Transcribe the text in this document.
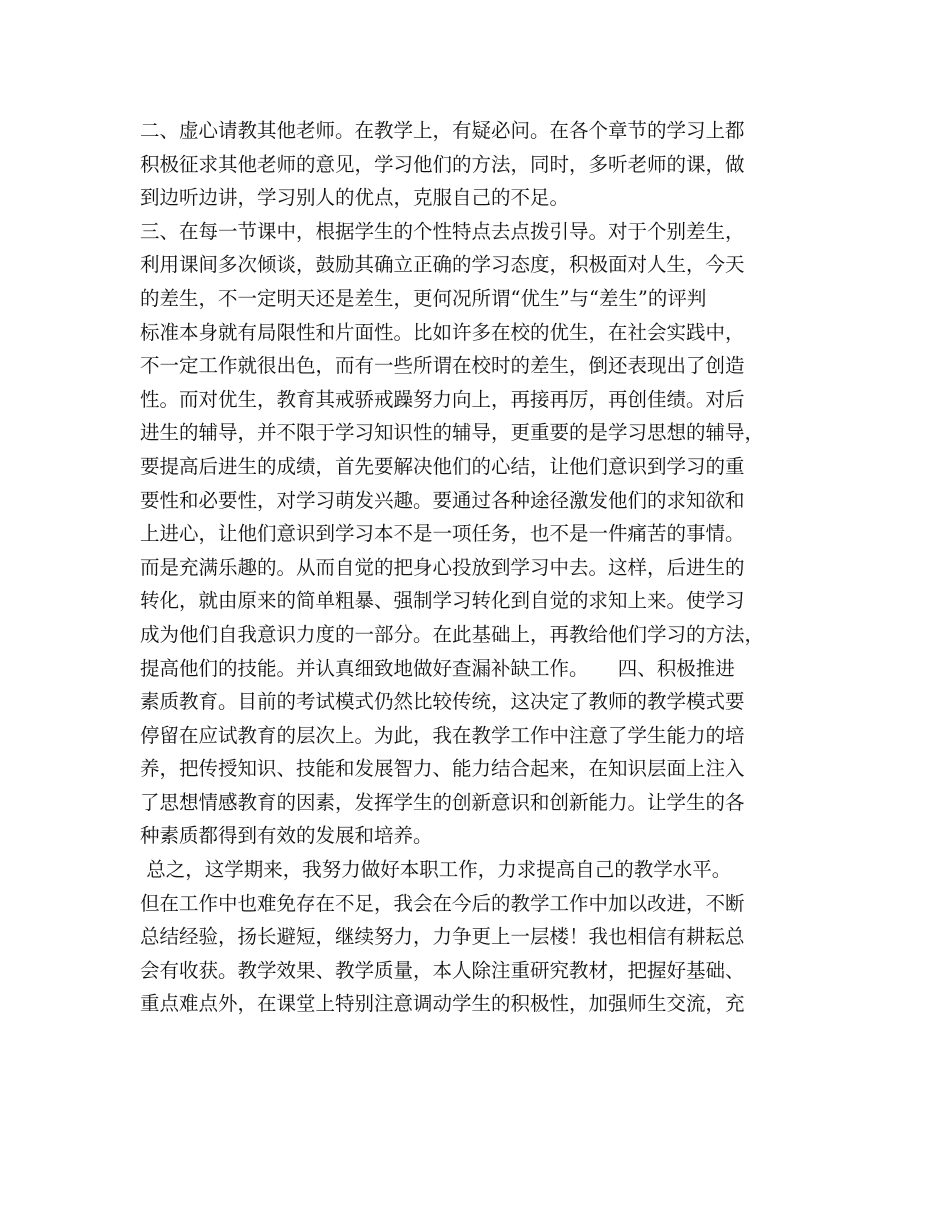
二、虚心请教其他老师。在教学上，有疑必问。在各个章节的学习上都
积极征求其他老师的意见，学习他们的方法，同时，多听老师的课，做
到边听边讲，学习别人的优点，克服自己的不足。
三、在每一节课中，根据学生的个性特点去点拨引导。对于个别差生，
利用课间多次倾谈，鼓励其确立正确的学习态度，积极面对人生，今天
的差生，不一定明天还是差生，更何况所谓“优生”与“差生”的评判
标准本身就有局限性和片面性。比如许多在校的优生，在社会实践中，
不一定工作就很出色，而有一些所谓在校时的差生，倒还表现出了创造
性。而对优生，教育其戒骄戒躁努力向上，再接再厉，再创佳绩。对后
进生的辅导，并不限于学习知识性的辅导，更重要的是学习思想的辅导，
要提高后进生的成绩，首先要解决他们的心结，让他们意识到学习的重
要性和必要性，对学习萌发兴趣。要通过各种途径激发他们的求知欲和
上进心，让他们意识到学习本不是一项任务，也不是一件痛苦的事情。
而是充满乐趣的。从而自觉的把身心投放到学习中去。这样，后进生的
转化，就由原来的简单粗暴、强制学习转化到自觉的求知上来。使学习
成为他们自我意识力度的一部分。在此基础上，再教给他们学习的方法，
提高他们的技能。并认真细致地做好查漏补缺工作。　　四、积极推进
素质教育。目前的考试模式仍然比较传统，这决定了教师的教学模式要
停留在应试教育的层次上。为此，我在教学工作中注意了学生能力的培
养，把传授知识、技能和发展智力、能力结合起来，在知识层面上注入
了思想情感教育的因素，发挥学生的创新意识和创新能力。让学生的各
种素质都得到有效的发展和培养。
总之，这学期来，我努力做好本职工作，力求提高自己的教学水平。
但在工作中也难免存在不足，我会在今后的教学工作中加以改进，不断
总结经验，扬长避短，继续努力，力争更上一层楼！我也相信有耕耘总
会有收获。教学效果、教学质量，本人除注重研究教材，把握好基础、
重点难点外，在课堂上特别注意调动学生的积极性，加强师生交流，充
